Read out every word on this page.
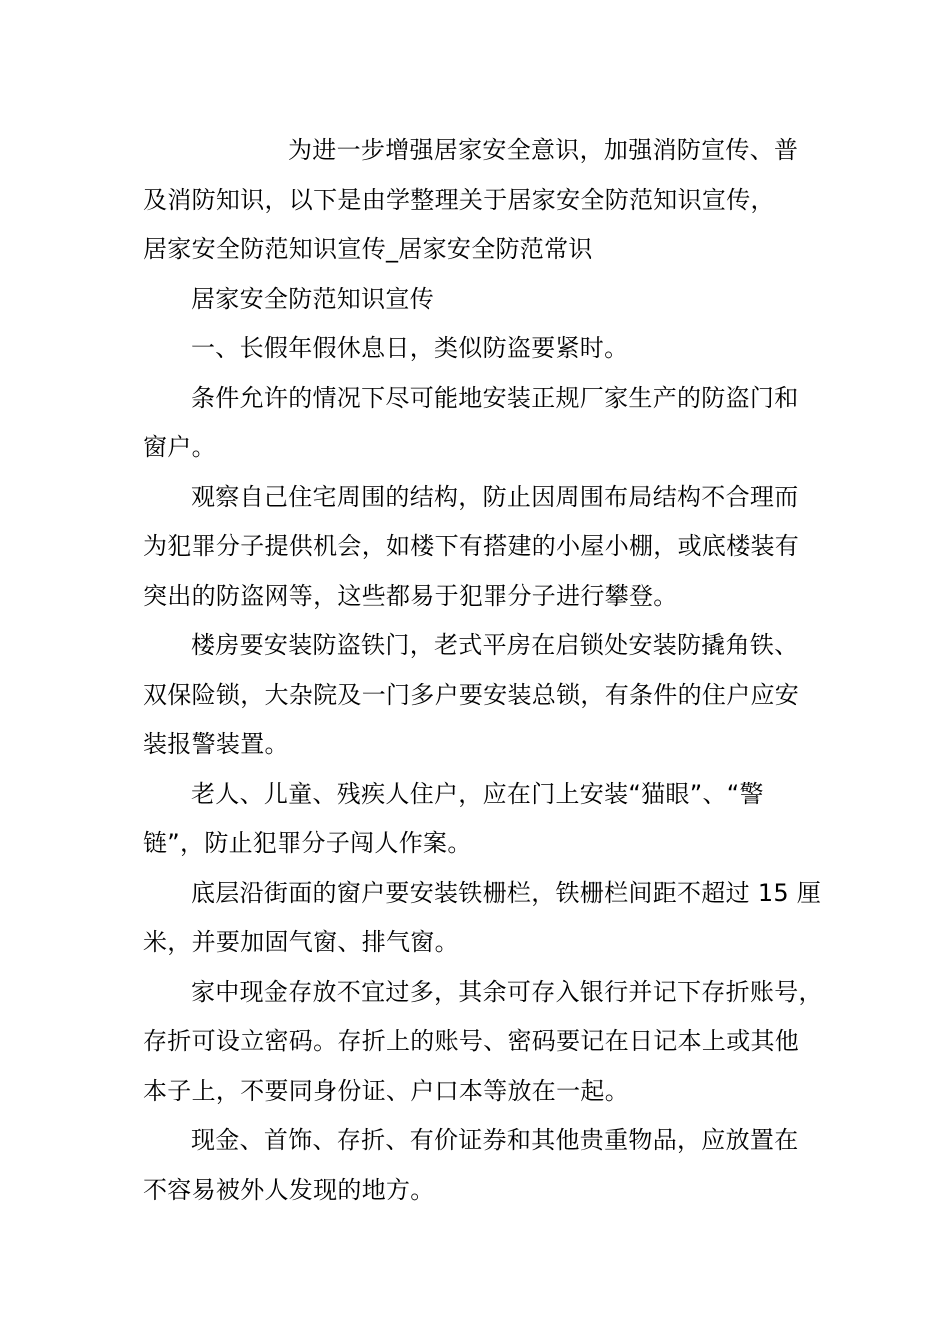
为进一步增强居家安全意识，加强消防宣传、普
及消防知识，以下是由学整理关于居家安全防范知识宣传，
居家安全防范知识宣传_居家安全防范常识
居家安全防范知识宣传
一、长假年假休息日，类似防盗要紧时。
条件允许的情况下尽可能地安装正规厂家生产的防盗门和
窗户。
观察自己住宅周围的结构，防止因周围布局结构不合理而
为犯罪分子提供机会，如楼下有搭建的小屋小棚，或底楼装有
突出的防盗网等，这些都易于犯罪分子进行攀登。
楼房要安装防盗铁门，老式平房在启锁处安装防撬角铁、
双保险锁，大杂院及一门多户要安装总锁，有条件的住户应安
装报警装置。
老人、儿童、残疾人住户，应在门上安装“猫眼”、“警
链”，防止犯罪分子闯人作案。
底层沿街面的窗户要安装铁栅栏，铁栅栏间距不超过 15 厘
米，并要加固气窗、排气窗。
家中现金存放不宜过多，其余可存入银行并记下存折账号，
存折可设立密码。存折上的账号、密码要记在日记本上或其他
本子上，不要同身份证、户口本等放在一起。
现金、首饰、存折、有价证券和其他贵重物品，应放置在
不容易被外人发现的地方。
